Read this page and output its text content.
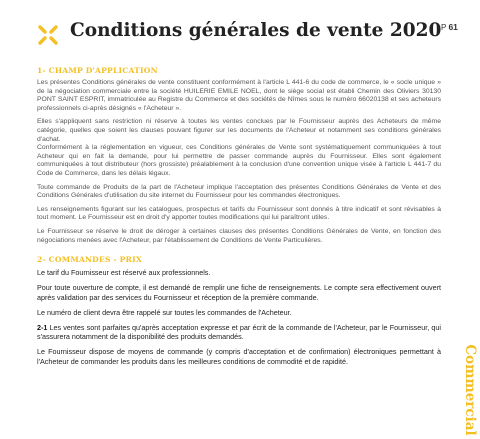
Conditions générales de vente 2020 P 61
1- CHAMP D'APPLICATION

Les présentes Conditions générales de vente constituent conformément à l'article L 441-6 du code de commerce, le « socle unique » de la négociation commerciale entre la société HUILERIE EMILE NOEL, dont le siège social est établi Chemin des Oliviers 30130 PONT SAINT ESPRIT, immatriculée au Registre du Commerce et des sociétés de Nîmes sous le numéro 66020138 et ses acheteurs professionnels ci-après désignés « l'Acheteur ».

Elles s'appliquent sans restriction ni réserve à toutes les ventes conclues par le Fournisseur auprès des Acheteurs de même catégorie, quelles que soient les clauses pouvant figurer sur les documents de l'Acheteur et notamment ses conditions générales d'achat.

Conformément à la réglementation en vigueur, ces Conditions générales de Vente sont systématiquement communiquées à tout Acheteur qui en fait la demande, pour lui permettre de passer commande auprès du Fournisseur. Elles sont également communiquées à tout distributeur (hors grossiste) préalablement à la conclusion d'une convention unique visée à l'article L 441-7 du Code de Commerce, dans les délais légaux.

Toute commande de Produits de la part de l'Acheteur implique l'acceptation des présentes Conditions Générales de Vente et des Conditions Générales d'utilisation du site internet du Fournisseur pour les commandes électroniques.

Les renseignements figurant sur les catalogues, prospectus et tarifs du Fournisseur sont donnés à titre indicatif et sont révisables à tout moment. Le Fournisseur est en droit d'y apporter toutes modifications qui lui paraîtront utiles.

Le Fournisseur se réserve le droit de déroger à certaines clauses des présentes Conditions Générales de Vente, en fonction des négociations menées avec l'Acheteur, par l'établissement de Conditions de Vente Particulières.

2- COMMANDES - PRIX

Le tarif du Fournisseur est réservé aux professionnels.

Pour toute ouverture de compte, il est demandé de remplir une fiche de renseignements. Le compte sera effectivement ouvert après validation par des services du Fournisseur et réception de la première commande.

Le numéro de client devra être rappelé sur toutes les commandes de l'Acheteur.

2-1 Les ventes sont parfaites qu'après acceptation expresse et par écrit de la commande de l'Acheteur, par le Fournisseur, qui s'assurera notamment de la disponibilité des produits demandés.

Le Fournisseur dispose de moyens de commande (y compris d'acceptation et de confirmation) électroniques permettant à l'Acheteur de commander les produits dans les meilleures conditions de commodité et de rapidité.	Commercial
